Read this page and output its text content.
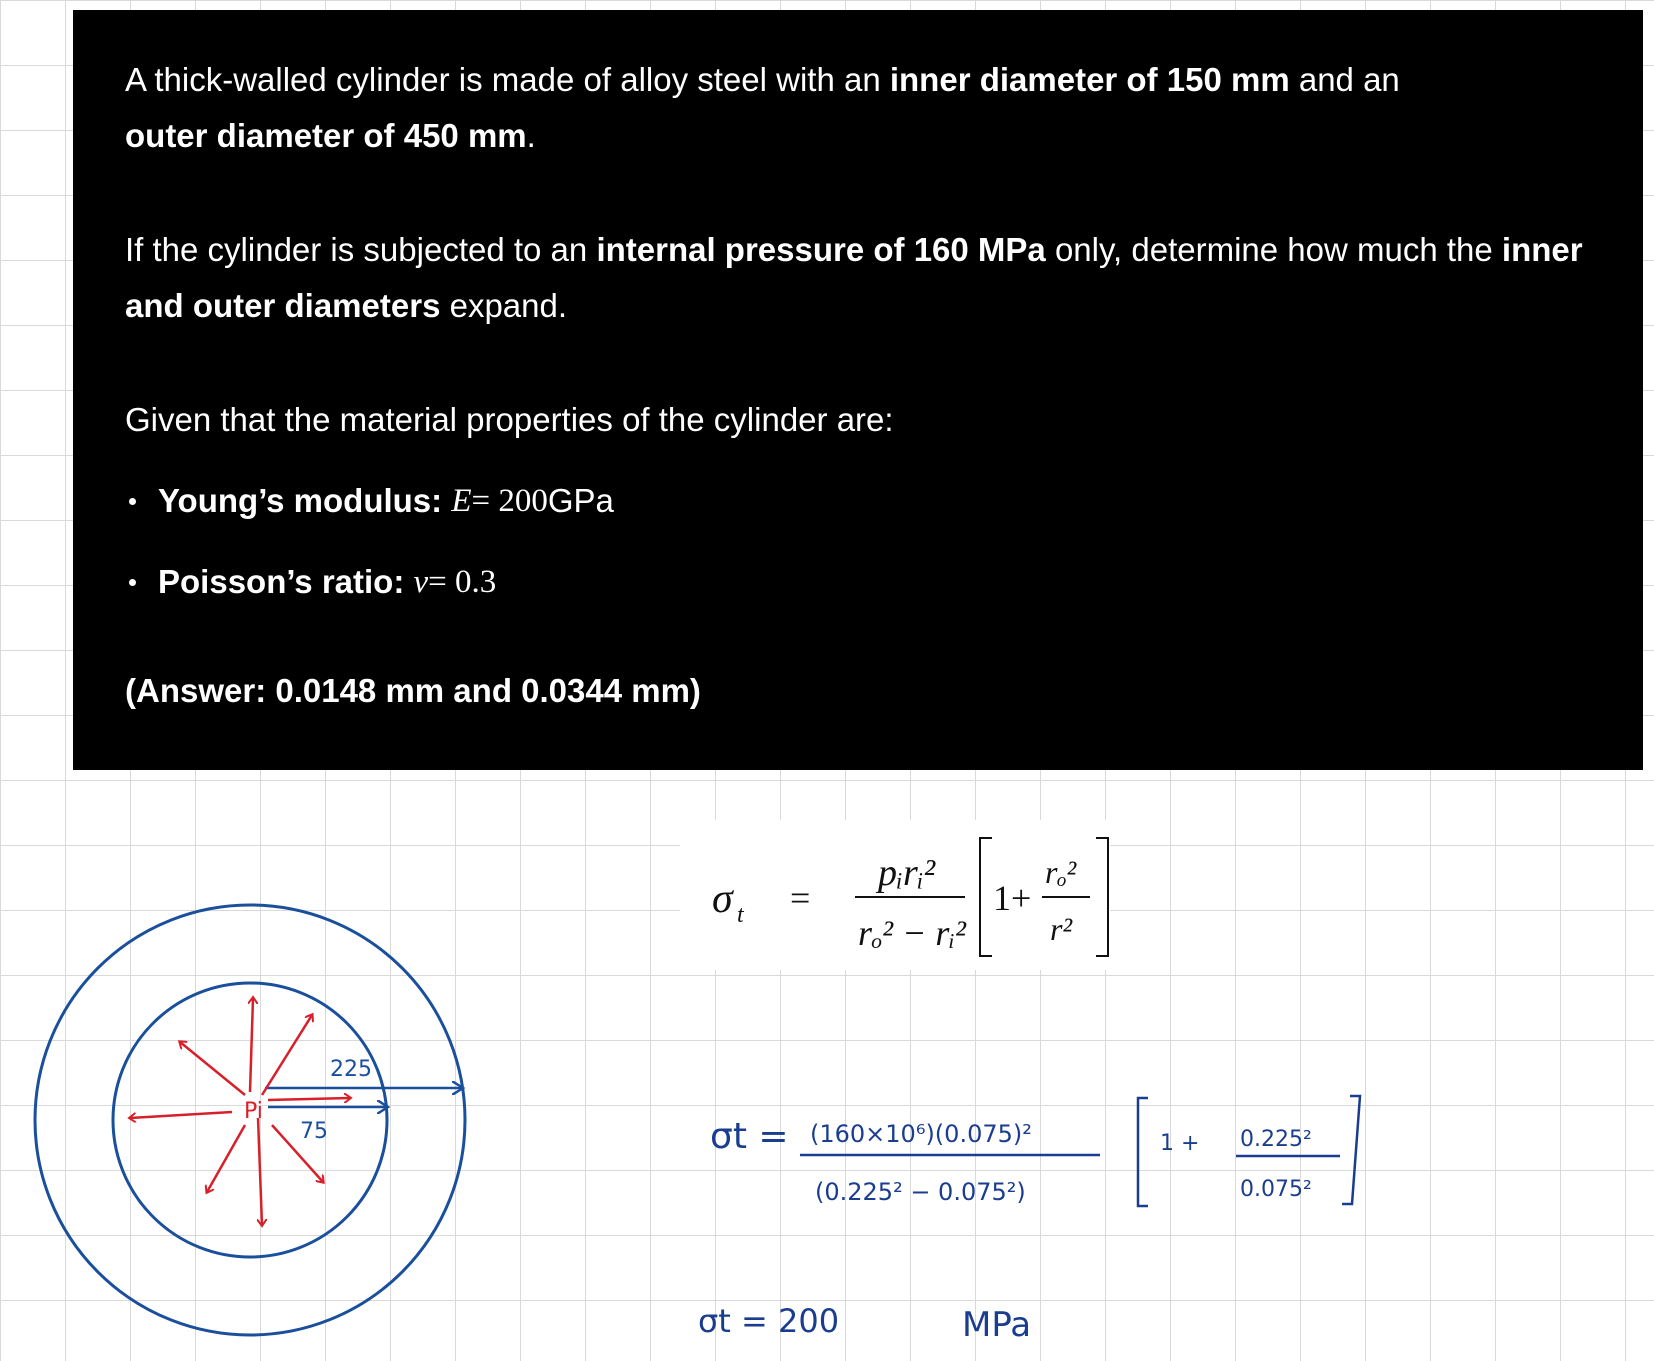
A thick-walled cylinder is made of alloy steel with an inner diameter of 150 mm and an
outer diameter of 450 mm.

If the cylinder is subjected to an internal pressure of 160 MPa only, determine how much the inner and outer diameters expand.

Given that the material properties of the cylinder are:

Young’s modulus:
E = 200 GPa
Poisson’s ratio:
ν = 0.3

(Answer: 0.0148 mm and 0.0344 mm)

σ t =
pᵢrᵢ²
rₒ² − rᵢ²
1+
rₒ²
r²
σt = (160×10⁶)(0.075)²
(0.225² − 0.075²)
1 + 0.225²
0.075²
σt = 200	MPa
225
75
Pi
